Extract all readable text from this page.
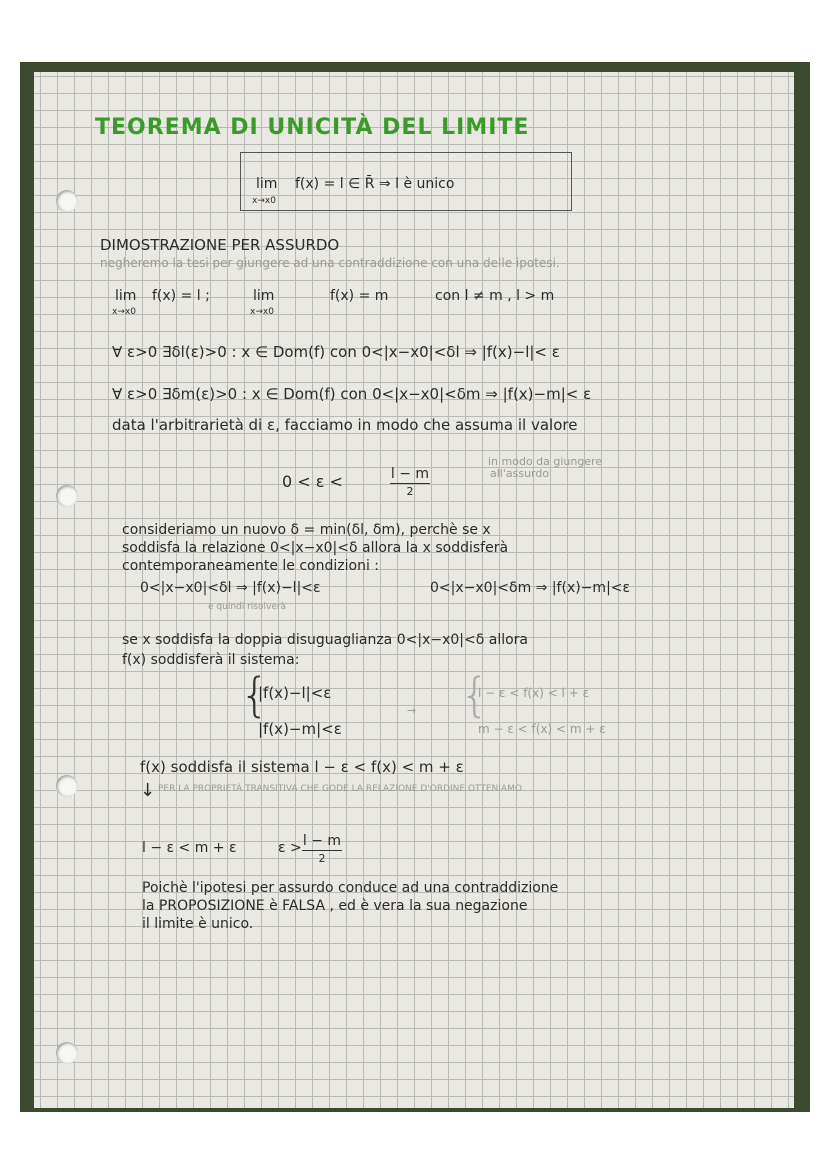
TEOREMA DI UNICITÀ DEL LIMITE
lim
x→x0
f(x) = l ∈ R̄ ⇒ l è unico
DIMOSTRAZIONE PER ASSURDO
negheremo la tesi per giungere ad una contraddizione con una delle ipotesi.
lim
x→x0
f(x) = l ;	lim
x→x0
f(x) = m	con l ≠ m , l > m
∀ ε>0 ∃δl(ε)>0 : x ∈ Dom(f) con 0<|x−x0|<δl ⇒ |f(x)−l|< ε
∀ ε>0 ∃δm(ε)>0 : x ∈ Dom(f) con 0<|x−x0|<δm ⇒ |f(x)−m|< ε
data l'arbitrarietà di ε, facciamo in modo che assuma il valore
0 < ε <	l − m
2
in modo da giungere
all'assurdo
consideriamo un nuovo δ = min(δl, δm), perchè se x
soddisfa la relazione 0<|x−x0|<δ allora la x soddisferà
contemporaneamente le condizioni :
0<|x−x0|<δl ⇒ |f(x)−l|<ε	0<|x−x0|<δm ⇒ |f(x)−m|<ε
e quindi risolverà
se x soddisfa la doppia disuguaglianza 0<|x−x0|<δ allora
f(x) soddisferà il sistema:
{
|f(x)−l|<ε
|f(x)−m|<ε
→ {
l − ε < f(x) < l + ε
m − ε < f(x) < m + ε
f(x) soddisfa il sistema l − ε < f(x) < m + ε
↓ PER LA PROPRIETÀ TRANSITIVA CHE GODE LA RELAZIONE D'ORDINE OTTENIAMO
l − ε < m + ε	ε > l − m
2
Poichè l'ipotesi per assurdo conduce ad una contraddizione
la PROPOSIZIONE è FALSA , ed è vera la sua negazione
il limite è unico.
